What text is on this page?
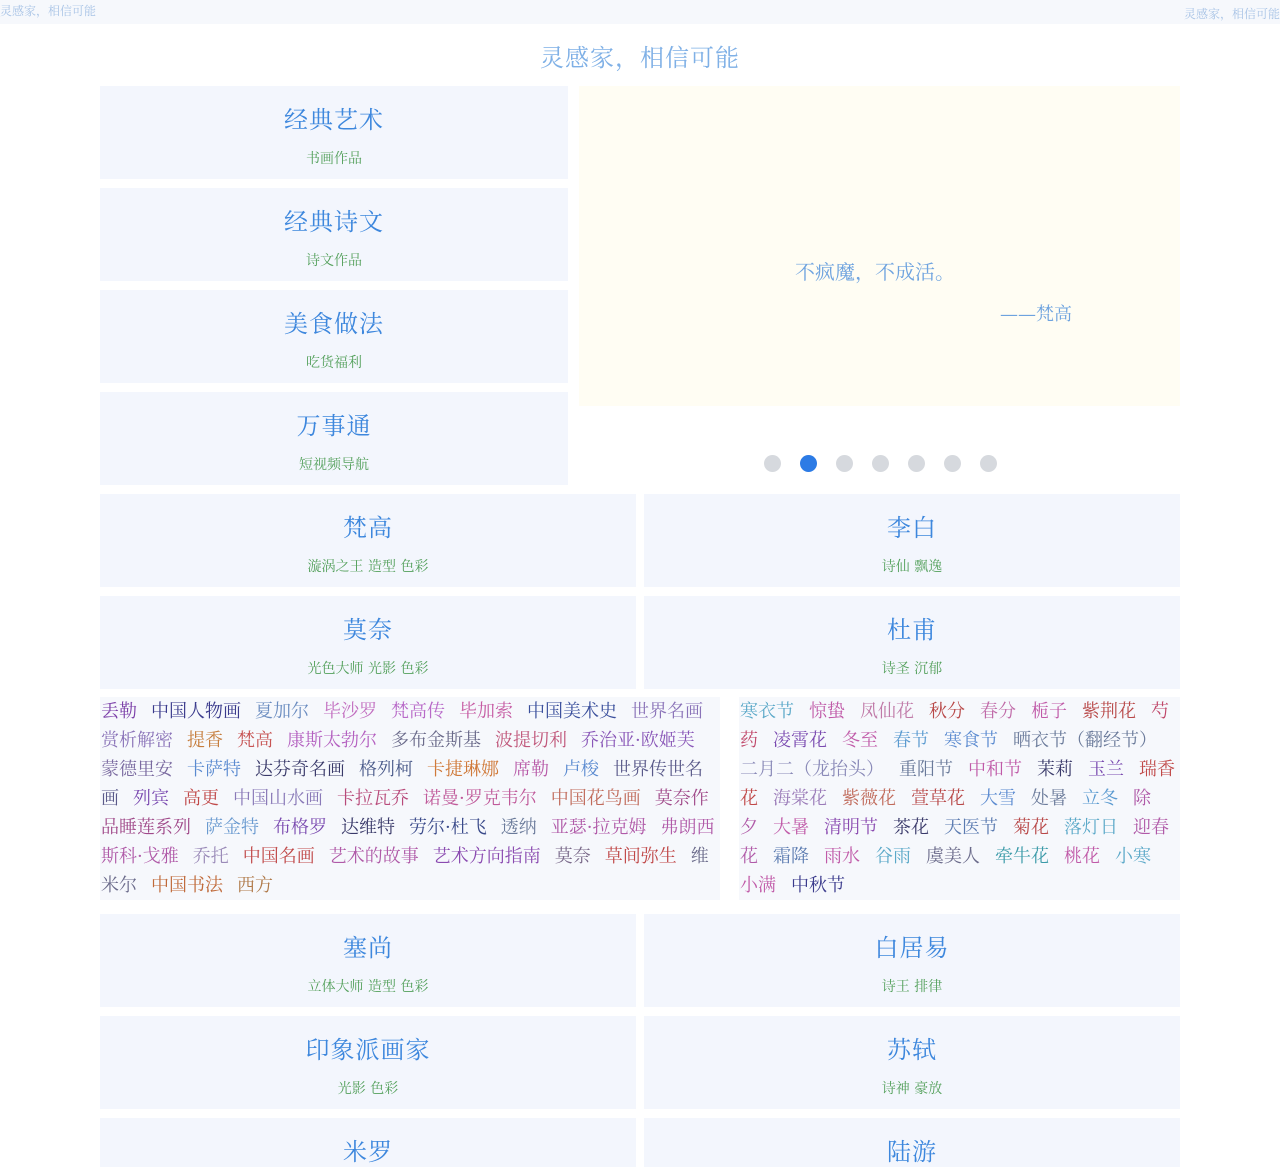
灵感家，相信可能	灵感家，相信可能
灵感家，相信可能
经典艺术
书画作品
经典诗文
诗文作品
美食做法
吃货福利
万事通
短视频导航
不疯魔，不成活。
——梵高
梵高
漩涡之王 造型 色彩
李白
诗仙 飘逸
莫奈
光色大师 光影 色彩
杜甫
诗圣 沉郁
丢勒 中国人物画 夏加尔 毕沙罗 梵高传 毕加索 中国美术史 世界名画赏析解密 提香 梵高 康斯太勃尔 多布金斯基 波提切利 乔治亚·欧姬芙蒙德里安 卡萨特 达芬奇名画 格列柯 卡捷琳娜 席勒 卢梭 世界传世名画 列宾 高更 中国山水画 卡拉瓦乔 诺曼·罗克韦尔 中国花鸟画 莫奈作品睡莲系列 萨金特 布格罗 达维特 劳尔·杜飞 透纳 亚瑟·拉克姆 弗朗西斯科·戈雅 乔托 中国名画 艺术的故事 艺术方向指南 莫奈 草间弥生 维米尔 中国书法 西方
寒衣节 惊蛰 凤仙花 秋分 春分 栀子 紫荆花 芍药 凌霄花 冬至 春节 寒食节 晒衣节（翻经节）二月二（龙抬头） 重阳节 中和节 茉莉 玉兰 瑞香花 海棠花 紫薇花 萱草花 大雪 处暑 立冬 除夕 大暑 清明节 茶花 天医节 菊花 落灯日 迎春花 霜降 雨水 谷雨 虞美人 牵牛花 桃花 小寒小满 中秋节
塞尚
立体大师 造型 色彩
白居易
诗王 排律
印象派画家
光影 色彩
苏轼
诗神 豪放
米罗	陆游
